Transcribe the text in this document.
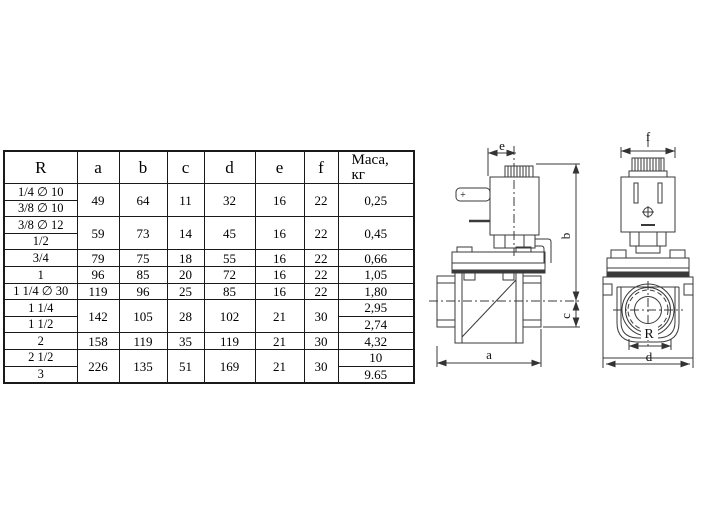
R	a	b	c	d	e	f	Маса,
кг

1/4 ∅ 10	49	64	11	32	16	22	0,25
3/8 ∅ 10							
3/8 ∅ 12	59	73	14	45	16	22	0,45
1/2							
3/4	79	75	18	55	16	22	0,66
1	96	85	20	72	16	22	1,05
1 1/4 ∅ 30	119	96	25	85	16	22	1,80
1 1/4	142	105	28	102	21	30	2,95
1 1/2							2,74
2	158	119	35	119	21	30	4,32
2 1/2	226	135	51	169	21	30	10
3							9.65
e
b
c
a
+
f
R
d
